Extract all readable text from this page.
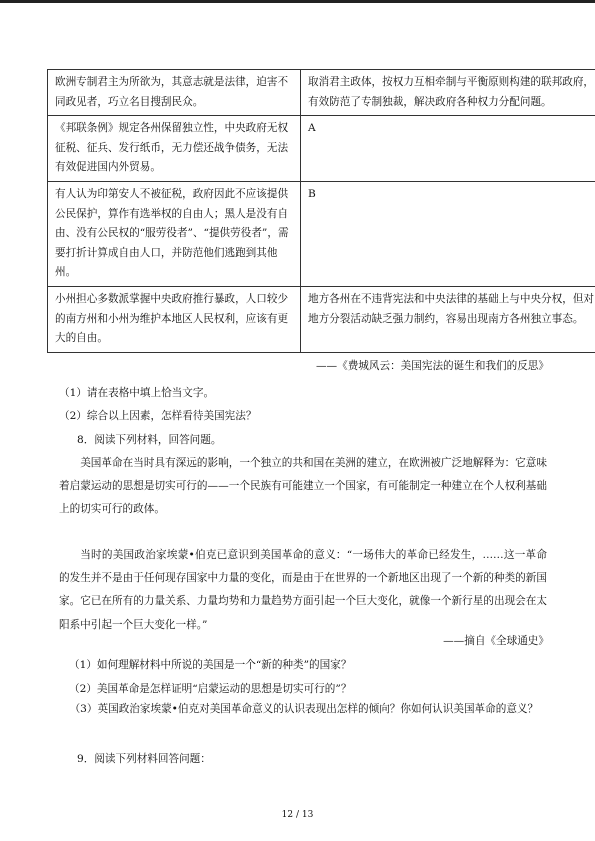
欧洲专制君主为所欲为，其意志就是法律，迫害不同政见者，巧立名目搜刮民众。	取消君主政体，按权力互相牵制与平衡原则构建的联邦政府，有效防范了专制独裁，解决政府各种权力分配问题。
《邦联条例》规定各州保留独立性，中央政府无权征税、征兵、发行纸币，无力偿还战争债务，无法有效促进国内外贸易。	A
有人认为印第安人不被征税，政府因此不应该提供公民保护，算作有选举权的自由人；黑人是没有自由、没有公民权的“服劳役者”、“提供劳役者”，需要打折计算成自由人口，并防范他们逃跑到其他州。	B
小州担心多数派掌握中央政府推行暴政，人口较少的南方州和小州为维护本地区人民权利，应该有更大的自由。	地方各州在不违背宪法和中央法律的基础上与中央分权，但对地方分裂活动缺乏强力制约，容易出现南方各州独立事态。
——《费城风云：美国宪法的诞生和我们的反思》
（1）请在表格中填上恰当文字。
（2）综合以上因素，怎样看待美国宪法？
8．阅读下列材料，回答问题。

美国革命在当时具有深远的影响，一个独立的共和国在美洲的建立，在欧洲被广泛地解释为：它意味着启蒙运动的思想是切实可行的——一个民族有可能建立一个国家，有可能制定一种建立在个人权利基础上的切实可行的政体。

当时的美国政治家埃蒙•伯克已意识到美国革命的意义：“一场伟大的革命已经发生，……这一革命的发生并不是由于任何现存国家中力量的变化，而是由于在世界的一个新地区出现了一个新的种类的新国家。它已在所有的力量关系、力量均势和力量趋势方面引起一个巨大变化，就像一个新行星的出现会在太阳系中引起一个巨大变化一样。”

——摘自《全球通史》
（1）如何理解材料中所说的美国是一个“新的种类”的国家？
（2）美国革命是怎样证明“启蒙运动的思想是切实可行的”？

（3）英国政治家埃蒙•伯克对美国革命意义的认识表现出怎样的倾向？你如何认识美国革命的意义？

9．阅读下列材料回答问题：
12 / 13
